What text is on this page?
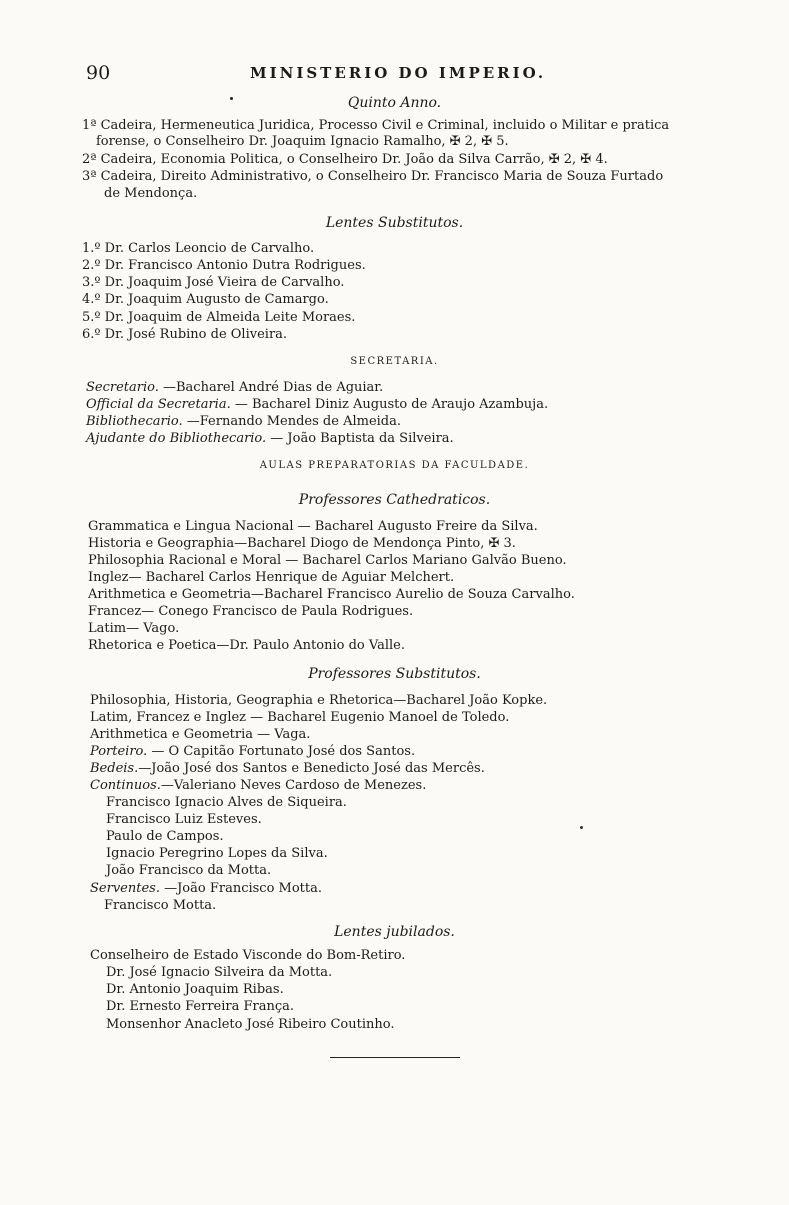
90	MINISTERIO DO IMPERIO.
Quinto Anno.
1ª Cadeira, Hermeneutica Juridica, Processo Civil e Criminal, incluido o Militar e pratica
forense, o Conselheiro Dr. Joaquim Ignacio Ramalho, ✠ 2, ✠ 5.
2ª Cadeira, Economia Politica, o Conselheiro Dr. João da Silva Carrão, ✠ 2, ✠ 4.
3ª Cadeira, Direito Administrativo, o Conselheiro Dr. Francisco Maria de Souza Furtado
de Mendonça.
Lentes Substitutos.
1.º Dr. Carlos Leoncio de Carvalho.
2.º Dr. Francisco Antonio Dutra Rodrigues.
3.º Dr. Joaquim José Vieira de Carvalho.
4.º Dr. Joaquim Augusto de Camargo.
5.º Dr. Joaquim de Almeida Leite Moraes.
6.º Dr. José Rubino de Oliveira.
SECRETARIA.
Secretario. —Bacharel André Dias de Aguiar.
Official da Secretaria. — Bacharel Diniz Augusto de Araujo Azambuja.
Bibliothecario. —Fernando Mendes de Almeida.
Ajudante do Bibliothecario. — João Baptista da Silveira.
AULAS PREPARATORIAS DA FACULDADE.
Professores Cathedraticos.
Grammatica e Lingua Nacional — Bacharel Augusto Freire da Silva.
Historia e Geographia—Bacharel Diogo de Mendonça Pinto, ✠ 3.
Philosophia Racional e Moral — Bacharel Carlos Mariano Galvão Bueno.
Inglez— Bacharel Carlos Henrique de Aguiar Melchert.
Arithmetica e Geometria—Bacharel Francisco Aurelio de Souza Carvalho.
Francez— Conego Francisco de Paula Rodrigues.
Latim— Vago.
Rhetorica e Poetica—Dr. Paulo Antonio do Valle.
Professores Substitutos.
Philosophia, Historia, Geographia e Rhetorica—Bacharel João Kopke.
Latim, Francez e Inglez — Bacharel Eugenio Manoel de Toledo.
Arithmetica e Geometria — Vaga.
Porteiro. — O Capitão Fortunato José dos Santos.
Bedeis.—João José dos Santos e Benedicto José das Mercês.
Continuos.—Valeriano Neves Cardoso de Menezes.
Francisco Ignacio Alves de Siqueira.
Francisco Luiz Esteves.
Paulo de Campos.
Ignacio Peregrino Lopes da Silva.
João Francisco da Motta.
Serventes. —João Francisco Motta.
Francisco Motta.
Lentes jubilados.
Conselheiro de Estado Visconde do Bom-Retiro.
Dr. José Ignacio Silveira da Motta.
Dr. Antonio Joaquim Ribas.
Dr. Ernesto Ferreira França.
Monsenhor Anacleto José Ribeiro Coutinho.
